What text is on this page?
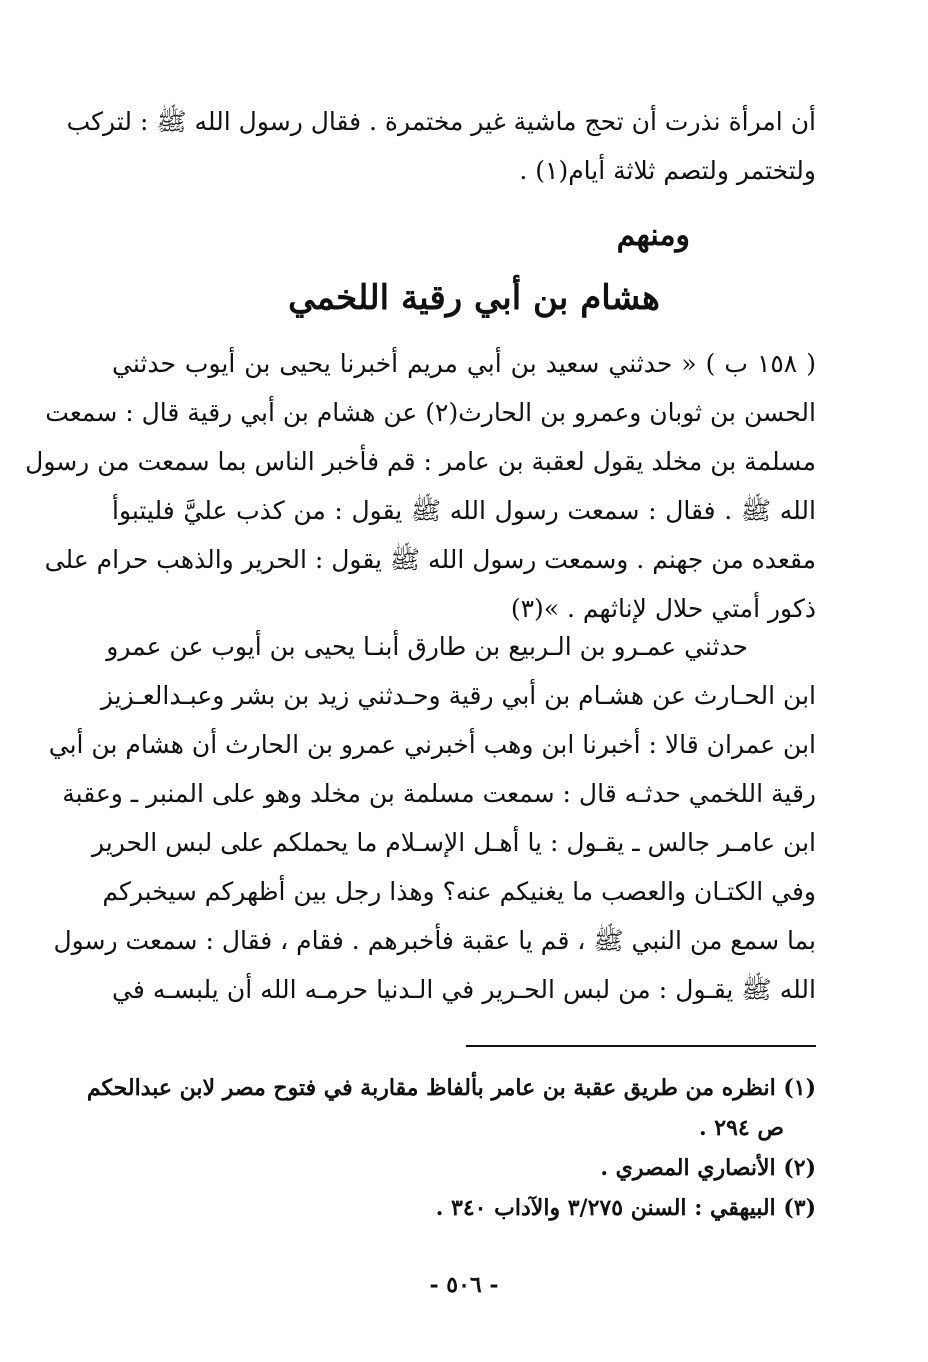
أن امرأة نذرت أن تحج ماشية غير مختمرة . فقال رسول الله ﷺ : لتركب
ولتختمر ولتصم ثلاثة أيام(١) .
ومنهم
هشام بن أبي رقية اللخمي
( ١٥٨ ب ) « حدثني سعيد بن أبي مريم أخبرنا يحيى بن أيوب حدثني
الحسن بن ثوبان وعمرو بن الحارث(٢) عن هشام بن أبي رقية قال : سمعت
مسلمة بن مخلد يقول لعقبة بن عامر : قم فأخبر الناس بما سمعت من رسول
الله ﷺ . فقال : سمعت رسول الله ﷺ يقول : من كذب عليَّ فليتبوأ
مقعده من جهنم . وسمعت رسول الله ﷺ يقول : الحرير والذهب حرام على
ذكور أمتي حلال لإناثهم . »(٣)
حدثني عمـرو بن الـربيع بن طارق أبنـا يحيى بن أيوب عن عمرو
ابن الحـارث عن هشـام بن أبي رقية وحـدثني زيد بن بشر وعبـدالعـزيز
ابن عمران قالا : أخبرنا ابن وهب أخبرني عمرو بن الحارث أن هشام بن أبي
رقية اللخمي حدثـه قال : سمعت مسلمة بن مخلد وهو على المنبر ـ وعقبة
ابن عامـر جالس ـ يقـول : يا أهـل الإسـلام ما يحملكم على لبس الحرير
وفي الكتـان والعصب ما يغنيكم عنه؟ وهذا رجل بين أظهركم سيخبركم
بما سمع من النبي ﷺ ، قم يا عقبة فأخبرهم . فقام ، فقال : سمعت رسول
الله ﷺ يقـول : من لبس الحـرير في الـدنيا حرمـه الله أن يلبسـه في
(١) انظره من طريق عقبة بن عامر بألفاظ مقاربة في فتوح مصر لابن عبدالحكم
ص ٢٩٤ .
(٢) الأنصاري المصري .
(٣) البيهقي : السنن ٣/٢٧٥ والآداب ٣٤٠ .
- ٥٠٦ -
